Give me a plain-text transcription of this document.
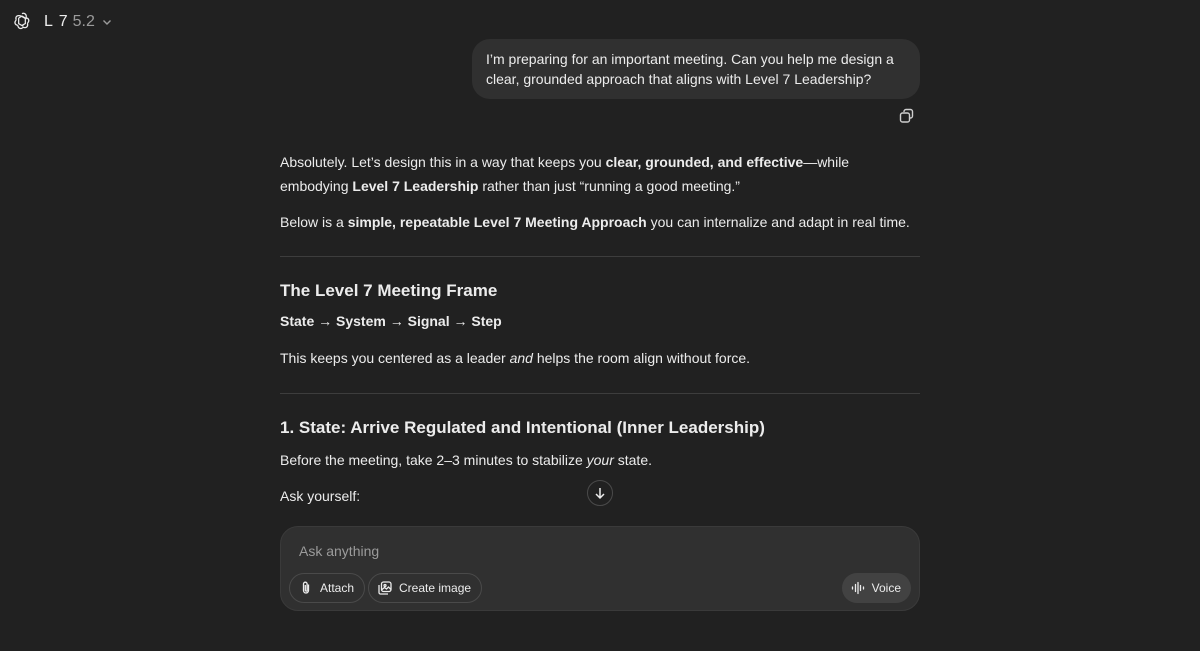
L 7 5.2
I’m preparing for an important meeting. Can you help me design a clear, grounded approach that aligns with Level 7 Leadership?

Absolutely. Let’s design this in a way that keeps you clear, grounded, and effective—while embodying Level 7 Leadership rather than just “running a good meeting.”

Below is a simple, repeatable Level 7 Meeting Approach you can internalize and adapt in real time.

The Level 7 Meeting Frame

State → System → Signal → Step

This keeps you centered as a leader and helps the room align without force.

1. State: Arrive Regulated and Intentional (Inner Leadership)

Before the meeting, take 2–3 minutes to stabilize your state.

Ask yourself:

Ask anything
Attach	Create image	Voice
